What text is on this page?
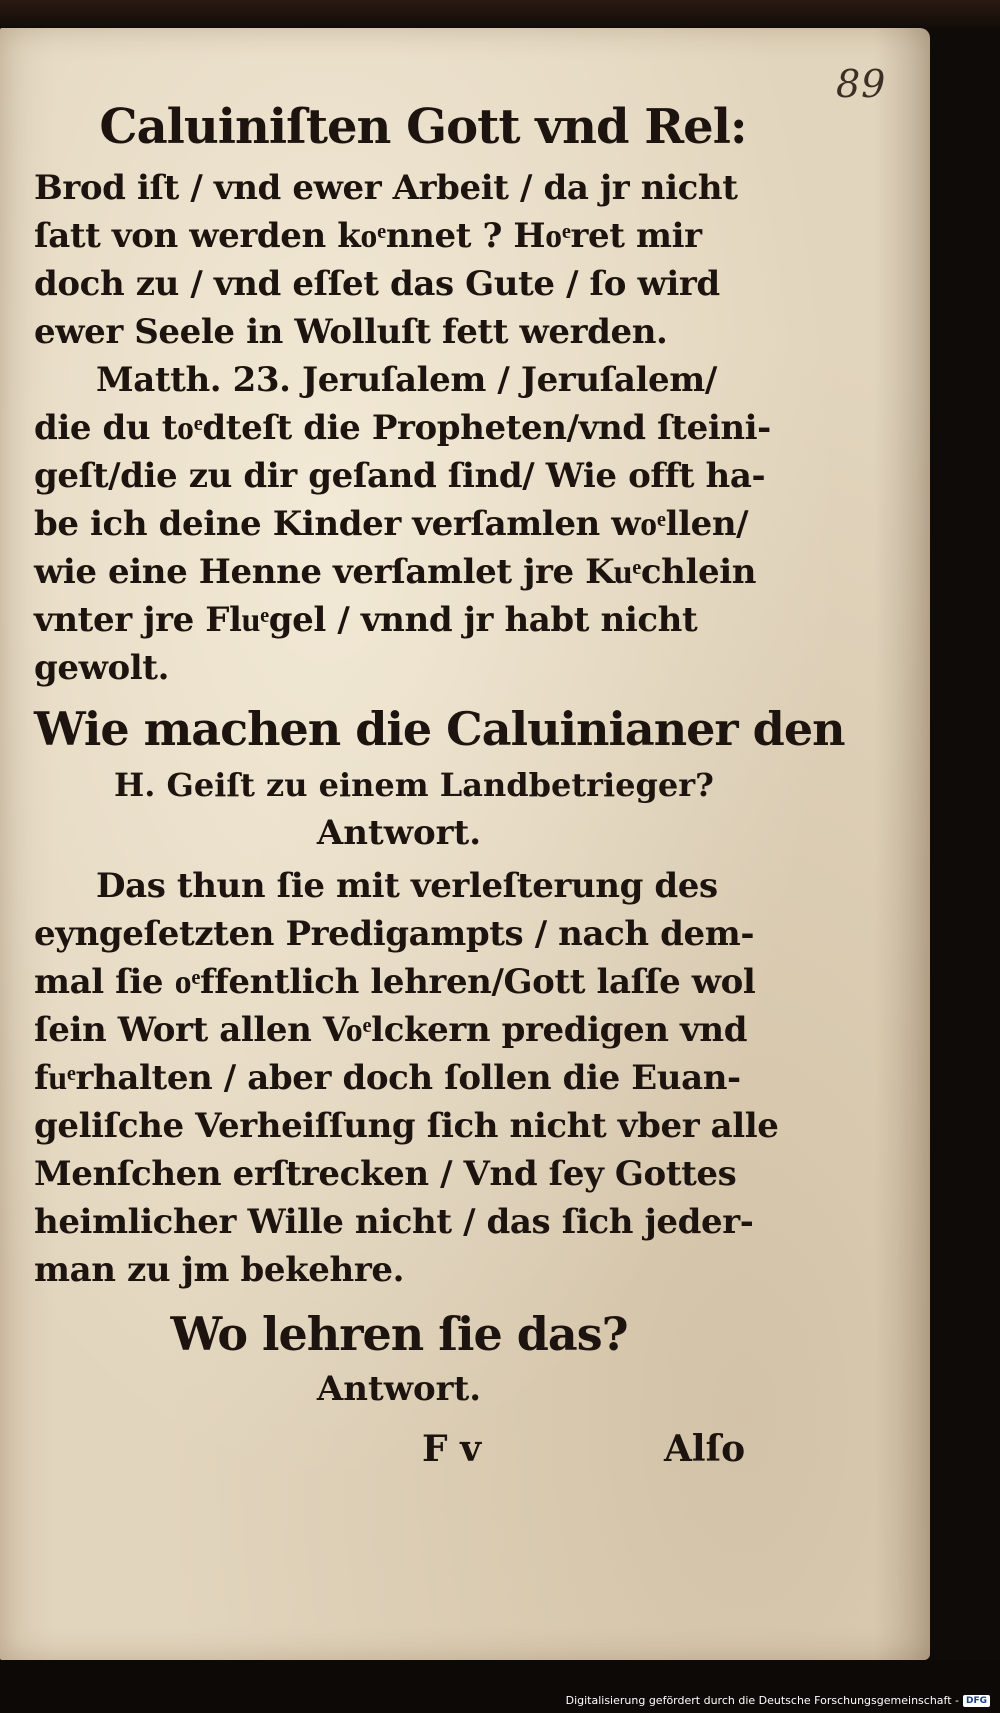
89
Caluiniſten Gott vnd Rel:
Brod iſt / vnd ewer Arbeit / da jr nicht
ſatt von werden koͤnnet ? Hoͤret mir
doch zu / vnd eſſet das Gute / ſo wird
ewer Seele in Wolluſt fett werden.
Matth. 23. Jeruſalem / Jeruſalem/
die du toͤdteſt die Propheten/vnd ſteini-
geſt/die zu dir geſand ſind/ Wie offt ha-
be ich deine Kinder verſamlen woͤllen/
wie eine Henne verſamlet jre Kuͤchlein
vnter jre Fluͤgel / vnnd jr habt nicht
gewolt.
Wie machen die Caluinianer den
H. Geiſt zu einem Landbetrieger?
Antwort.
Das thun ſie mit verleſterung des
eyngeſetzten Predigampts / nach dem-
mal ſie oͤffentlich lehren/Gott laſſe wol
ſein Wort allen Voͤlckern predigen vnd
fuͤrhalten / aber doch ſollen die Euan-
geliſche Verheiſſung ſich nicht vber alle
Menſchen erſtrecken / Vnd ſey Gottes
heimlicher Wille nicht / das ſich jeder-
man zu jm bekehre.
Wo lehren ſie das?
Antwort.
F v	Alſo
Digitalisierung gefördert durch die Deutsche Forschungsgemeinschaft - DFG
